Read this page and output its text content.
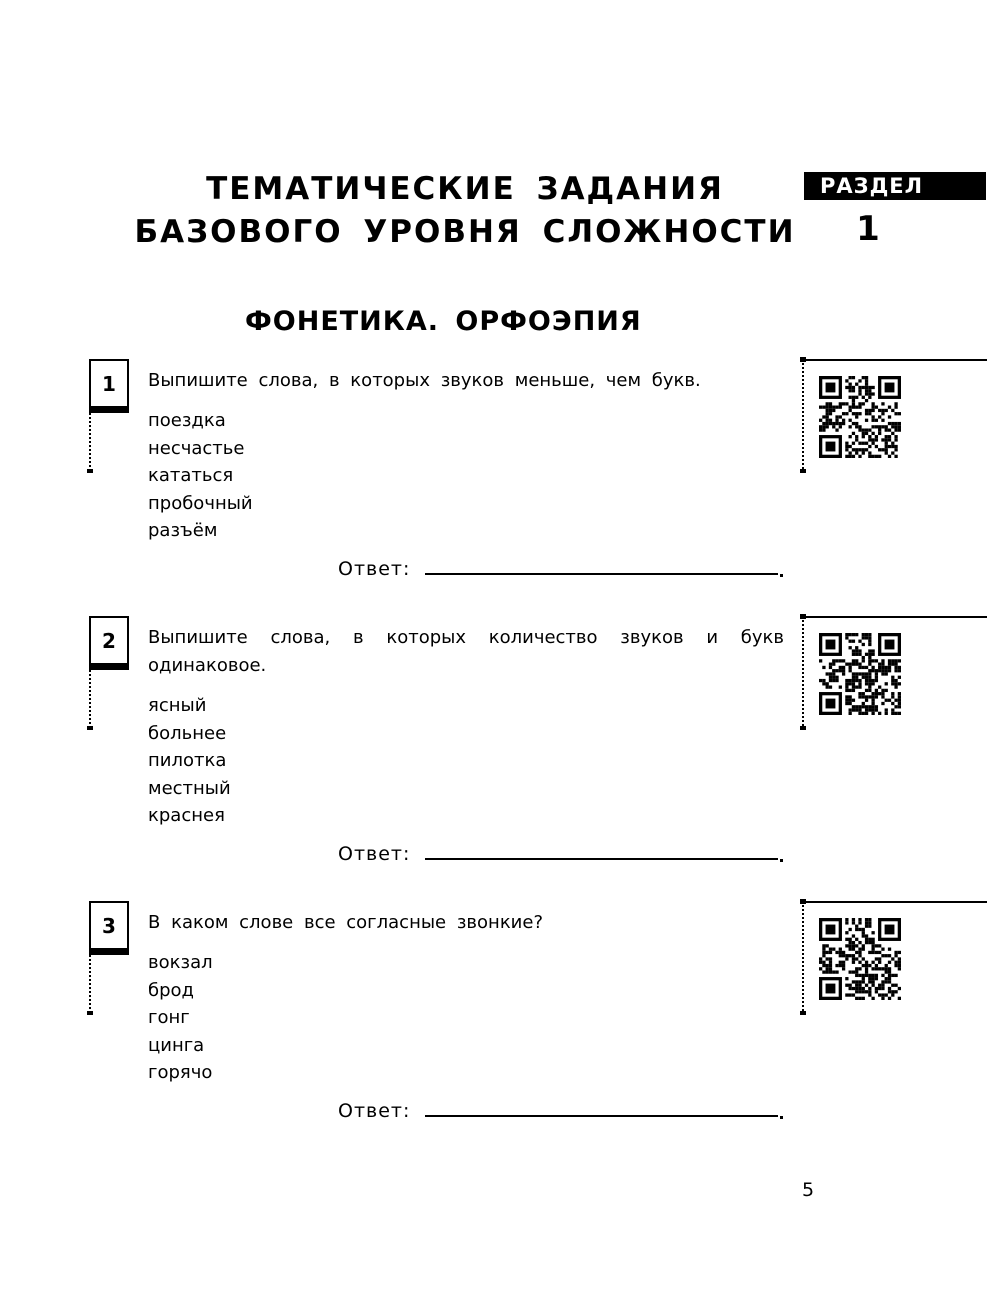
ТЕМАТИЧЕСКИЕ ЗАДАНИЯ
БАЗОВОГО УРОВНЯ СЛОЖНОСТИ
РАЗДЕЛ
1
ФОНЕТИКА. ОРФОЭПИЯ
1	Выпишите слова, в которых звуков меньше, чем букв.
поездка
несчастье
кататься
пробочный
разъём
Ответ:
2	Выпишите слова, в которых количество звуков и букв одинаковое.
ясный
больнее
пилотка
местный
краснея
Ответ:
3	В каком слове все согласные звонкие?
вокзал
брод
гонг
цинга
горячо
Ответ:
5
